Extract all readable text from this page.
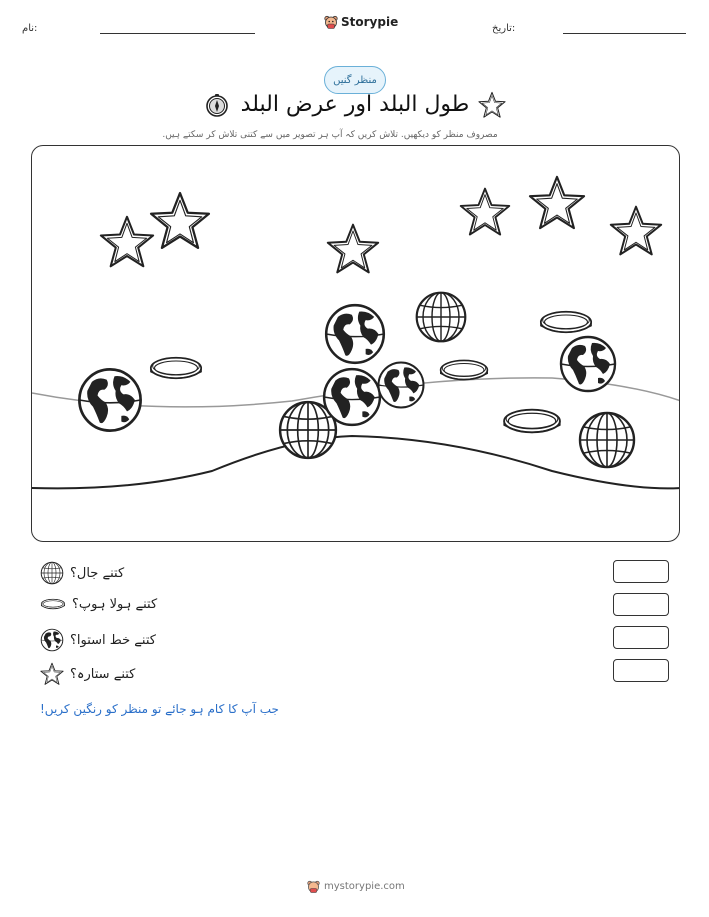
نام:	Storypie	تاریخ:
منظر گنیں
طول البلد اور عرض البلد
مصروف منظر کو دیکھیں. تلاش کریں کہ آپ ہر تصویر میں سے کتنی تلاش کر سکتے ہیں.
کتنے جال؟
کتنے ہولا ہوپ؟
کتنے خط استوا؟
کتنے ستارہ؟
جب آپ کا کام ہو جائے تو منظر کو رنگین کریں!
mystorypie.com
